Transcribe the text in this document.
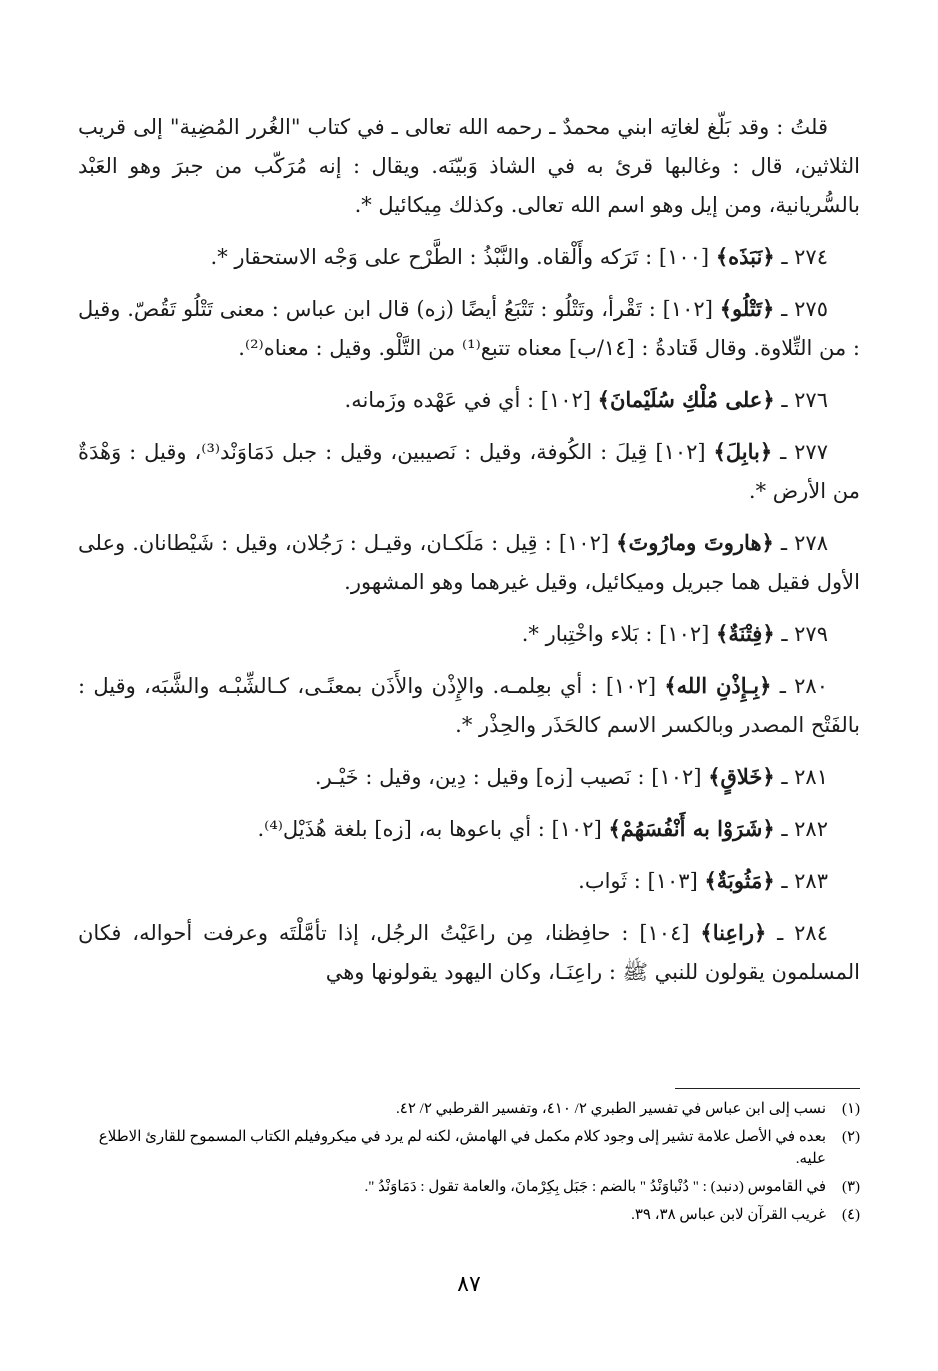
قلتُ : وقد بَلّغ لغاتِه ابني محمدٌ ـ رحمه الله تعالى ـ في كتاب "الغُرر المُضِية" إلى قريب الثلاثين، قال : وغالبها قرئ به في الشاذ وَبيّنَه. ويقال : إنه مُرَكّب من جبرَ وهو العَبْد بالسُّريانية، ومن إيل وهو اسم الله تعالى. وكذلك مِيكائيل *.

٢٧٤ ـ ﴿نَبَذَه﴾ [١٠٠] : تَرَكه وأَلْقاه. والنَّبْذُ : الطَّرْح على وَجْه الاستحقار *.

٢٧٥ ـ ﴿تَتْلُو﴾ [١٠٢] : تَقْرأ، وتَتْلُو : تَتْبَعُ أيضًا (زه) قال ابن عباس : معنى تَتْلُو تَقُصّ. وقيل : من التِّلاوة. وقال قَتادةُ : [١٤/ب] معناه تتبع⁽¹⁾ من التَّلْو. وقيل : معناه⁽²⁾.

٢٧٦ ـ ﴿على مُلْكِ سُلَيْمانَ﴾ [١٠٢] : أي في عَهْده وزَمانه.

٢٧٧ ـ ﴿بابِلَ﴾ [١٠٢] قِيلَ : الكُوفة، وقيل : نَصيبين، وقيل : جبل دَمَاوَنْد⁽³⁾، وقيل : وَهْدَةٌ من الأرض *.

٢٧٨ ـ ﴿هاروتَ ومارُوتَ﴾ [١٠٢] : قِيل : مَلَكـان، وقيـل : رَجُلان، وقيل : شَيْطانان. وعلى الأول فقيل هما جبريل وميكائيل، وقيل غيرهما وهو المشهور.

٢٧٩ ـ ﴿فِتْنَةٌ﴾ [١٠٢] : بَلاء واخْتِبار *.

٢٨٠ ـ ﴿بِـإِذْنِ الله﴾ [١٠٢] : أي بعِلمـه. والإِذْن والأَذَن بمعنًـى، كـالشِّبْـه والشَّبَه، وقيل : بالفَتْح المصدر وبالكسر الاسم كالحَذَر والحِذْر *.

٢٨١ ـ ﴿خَلاقٍ﴾ [١٠٢] : نَصيب [زه] وقيل : دِين، وقيل : خَيْـر.

٢٨٢ ـ ﴿شَرَوْا به أَنْفُسَهُمْ﴾ [١٠٢] : أي باعوها به، [زه] بلغة هُذَيْل⁽⁴⁾.

٢٨٣ ـ ﴿مَثُوبَةٌ﴾ [١٠٣] : ثَواب.

٢٨٤ ـ ﴿راعِنا﴾ [١٠٤] : حافِظنا، مِن راعَيْتُ الرجُل، إذا تأمَّلْتَه وعرفت أحواله، فكان المسلمون يقولون للنبي ﷺ : راعِنَـا، وكان اليهود يقولونها وهي

(١)
نسب إلى ابن عباس في تفسير الطبري ٢/ ٤١٠، وتفسير القرطبي ٢/ ٤٢.
(٢)
بعده في الأصل علامة تشير إلى وجود كلام مكمل في الهامش، لكنه لم يرد في ميكروفيلم الكتاب المسموح للقارئ الاطلاع عليه.
(٣)
في القاموس (دنبد) : " دُنْباوَنْدُ " بالضم : جَبَل بِكِرْمانَ، والعامة تقول : دَمَاوَنْدُ ".
(٤)
غريب القرآن لابن عباس ٣٨، ٣٩.
٨٧
